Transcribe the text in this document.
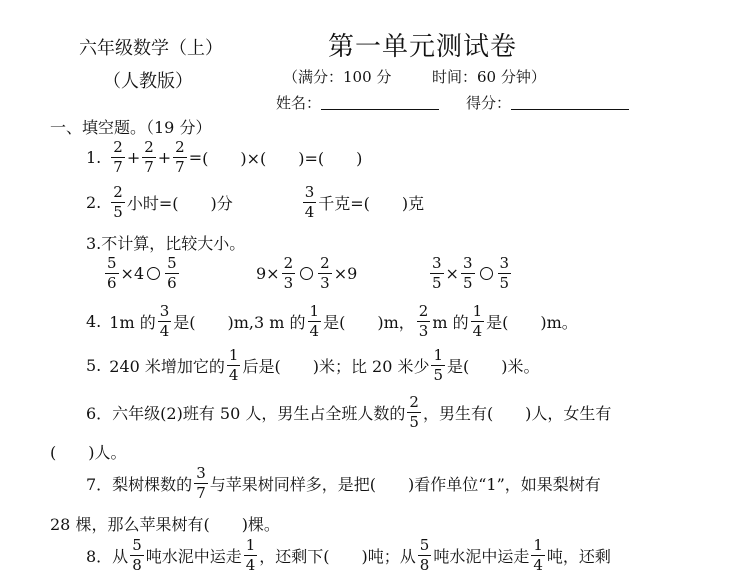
六年级数学（上）	第一单元测试卷
（人教版）	（满分：100 分	时间：60 分钟）
姓名：	得分：
一、填空题。（19 分）
1. $\frac{2}{7} + \frac{2}{7} + \frac{2}{7}$ = (　　)×(　　)=(　　)
2. $\frac{2}{5}$ 小时=(　　)分	$\frac{3}{4}$ 千克=(　　)克
3.不计算，比较大小。
$\frac{5}{6} \times 4 \frac{5}{6}$	$9\times \frac{2}{3} \frac{2}{3} \times 9$	$\frac{3}{5} \times \frac{3}{5} \frac{3}{5}$
4. 1m 的 $\frac{3}{4}$ 是(　　)m,3 m 的 $\frac{1}{4}$ 是(　　)m， $\frac{2}{3}$ m 的 $\frac{1}{4}$ 是(　　)m。
5. 240 米增加它的 $\frac{1}{4}$ 后是(　　)米；比 20 米少 $\frac{1}{5}$ 是(　　)米。
6．六年级(2)班有 50 人，男生占全班人数的 $\frac{2}{5}$ ，男生有(　　)人，女生有
(　　)人。
7．梨树棵数的 $\frac{3}{7}$ 与苹果树同样多，是把(　　)看作单位“1”，如果梨树有
28 棵，那么苹果树有(　　)棵。
8．从 $\frac{5}{8}$ 吨水泥中运走 $\frac{1}{4}$ ，还剩下(　　)吨；从 $\frac{5}{8}$ 吨水泥中运走 $\frac{1}{4}$ 吨，还剩
